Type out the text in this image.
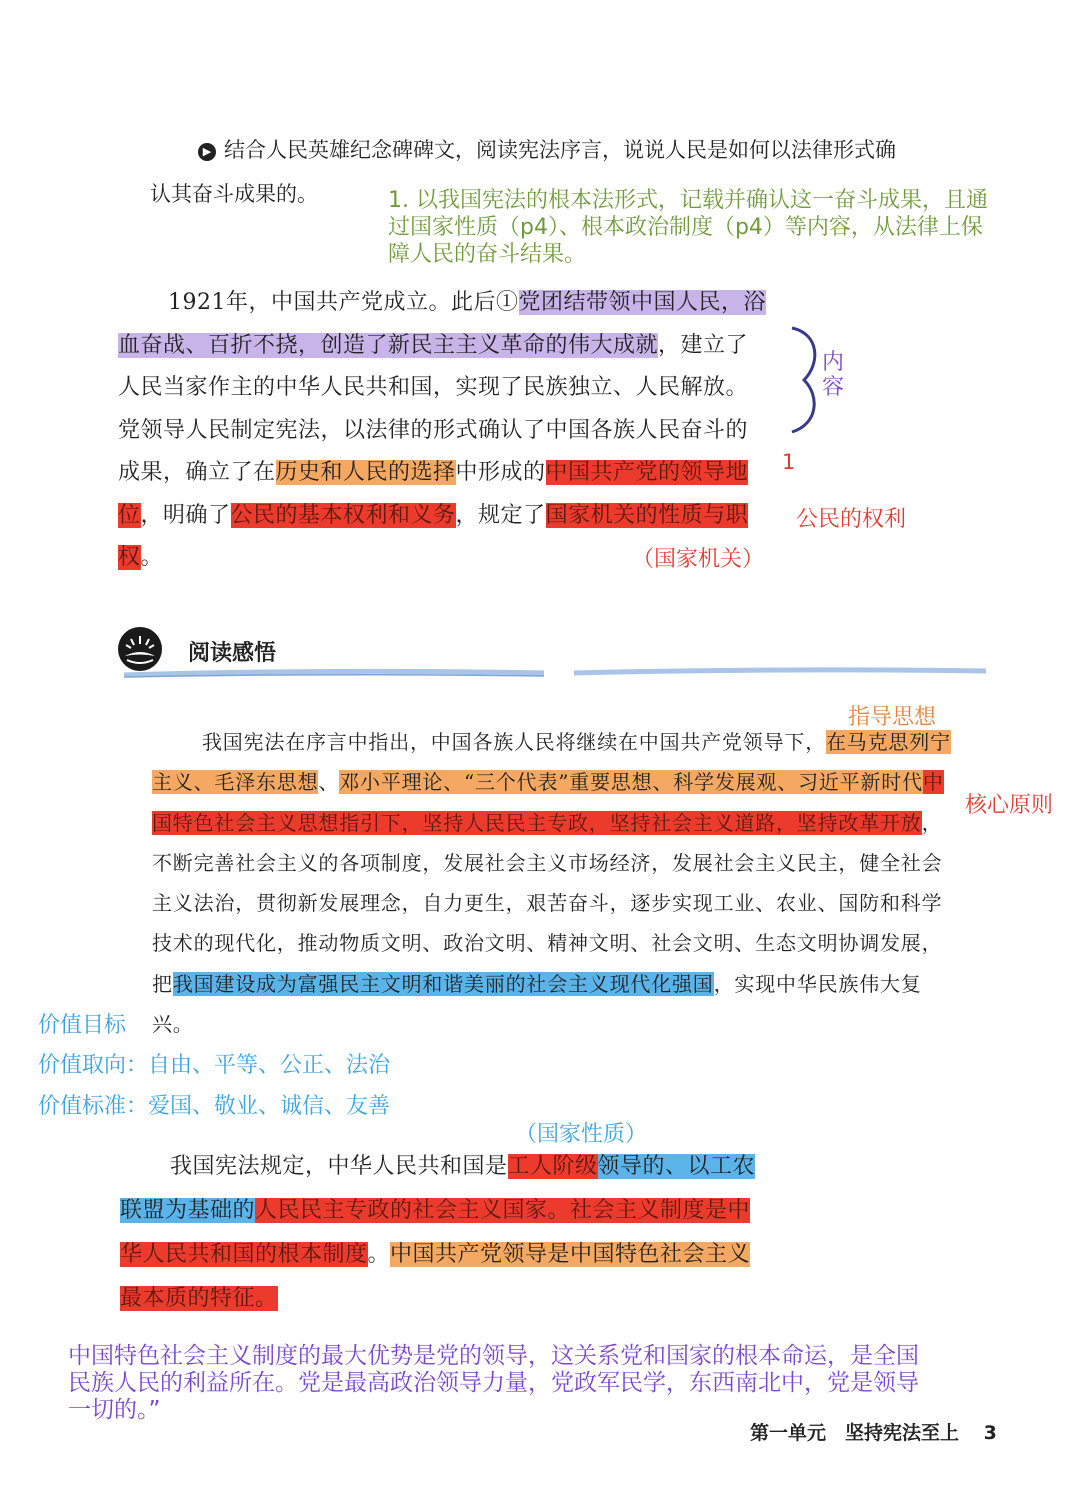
▶ 结合人民英雄纪念碑碑文，阅读宪法序言，说说人民是如何以法律形式确
认其奋斗成果的。	1. 以我国宪法的根本法形式，记载并确认这一奋斗成果，且通
过国家性质（p4）、根本政治制度（p4）等内容，从法律上保
障人民的奋斗结果。
1921年，中国共产党成立。此后①党团结带领中国人民，浴血奋战、百折不挠，创造了新民主主义革命的伟大成就，建立了人民当家作主的中华人民共和国，实现了民族独立、人民解放。党领导人民制定宪法，以法律的形式确认了中国各族人民奋斗的成果，确立了在历史和人民的选择中形成的中国共产党的领导地位，明确了公民的基本权利和义务，规定了国家机关的性质与职权。
内
容
1
公民的权利
（国家机关）
阅读感悟
指导思想
核心原则
我国宪法在序言中指出，中国各族人民将继续在中国共产党领导下，在马克思列宁主义、毛泽东思想、邓小平理论、“三个代表”重要思想、科学发展观、习近平新时代中国特色社会主义思想指引下，坚持人民民主专政，坚持社会主义道路，坚持改革开放，不断完善社会主义的各项制度，发展社会主义市场经济，发展社会主义民主，健全社会主义法治，贯彻新发展理念，自力更生，艰苦奋斗，逐步实现工业、农业、国防和科学技术的现代化，推动物质文明、政治文明、精神文明、社会文明、生态文明协调发展，把我国建设成为富强民主文明和谐美丽的社会主义现代化强国，实现中华民族伟大复兴。
价值目标
价值取向：自由、平等、公正、法治
价值标准：爱国、敬业、诚信、友善
（国家性质）
我国宪法规定，中华人民共和国是工人阶级领导的、以工农联盟为基础的人民民主专政的社会主义国家。社会主义制度是中华人民共和国的根本制度。中国共产党领导是中国特色社会主义最本质的特征。
中国特色社会主义制度的最大优势是党的领导，这关系党和国家的根本命运，是全国
民族人民的利益所在。党是最高政治领导力量，党政军民学，东西南北中，党是领导
一切的。”
第一单元　坚持宪法至上 3
